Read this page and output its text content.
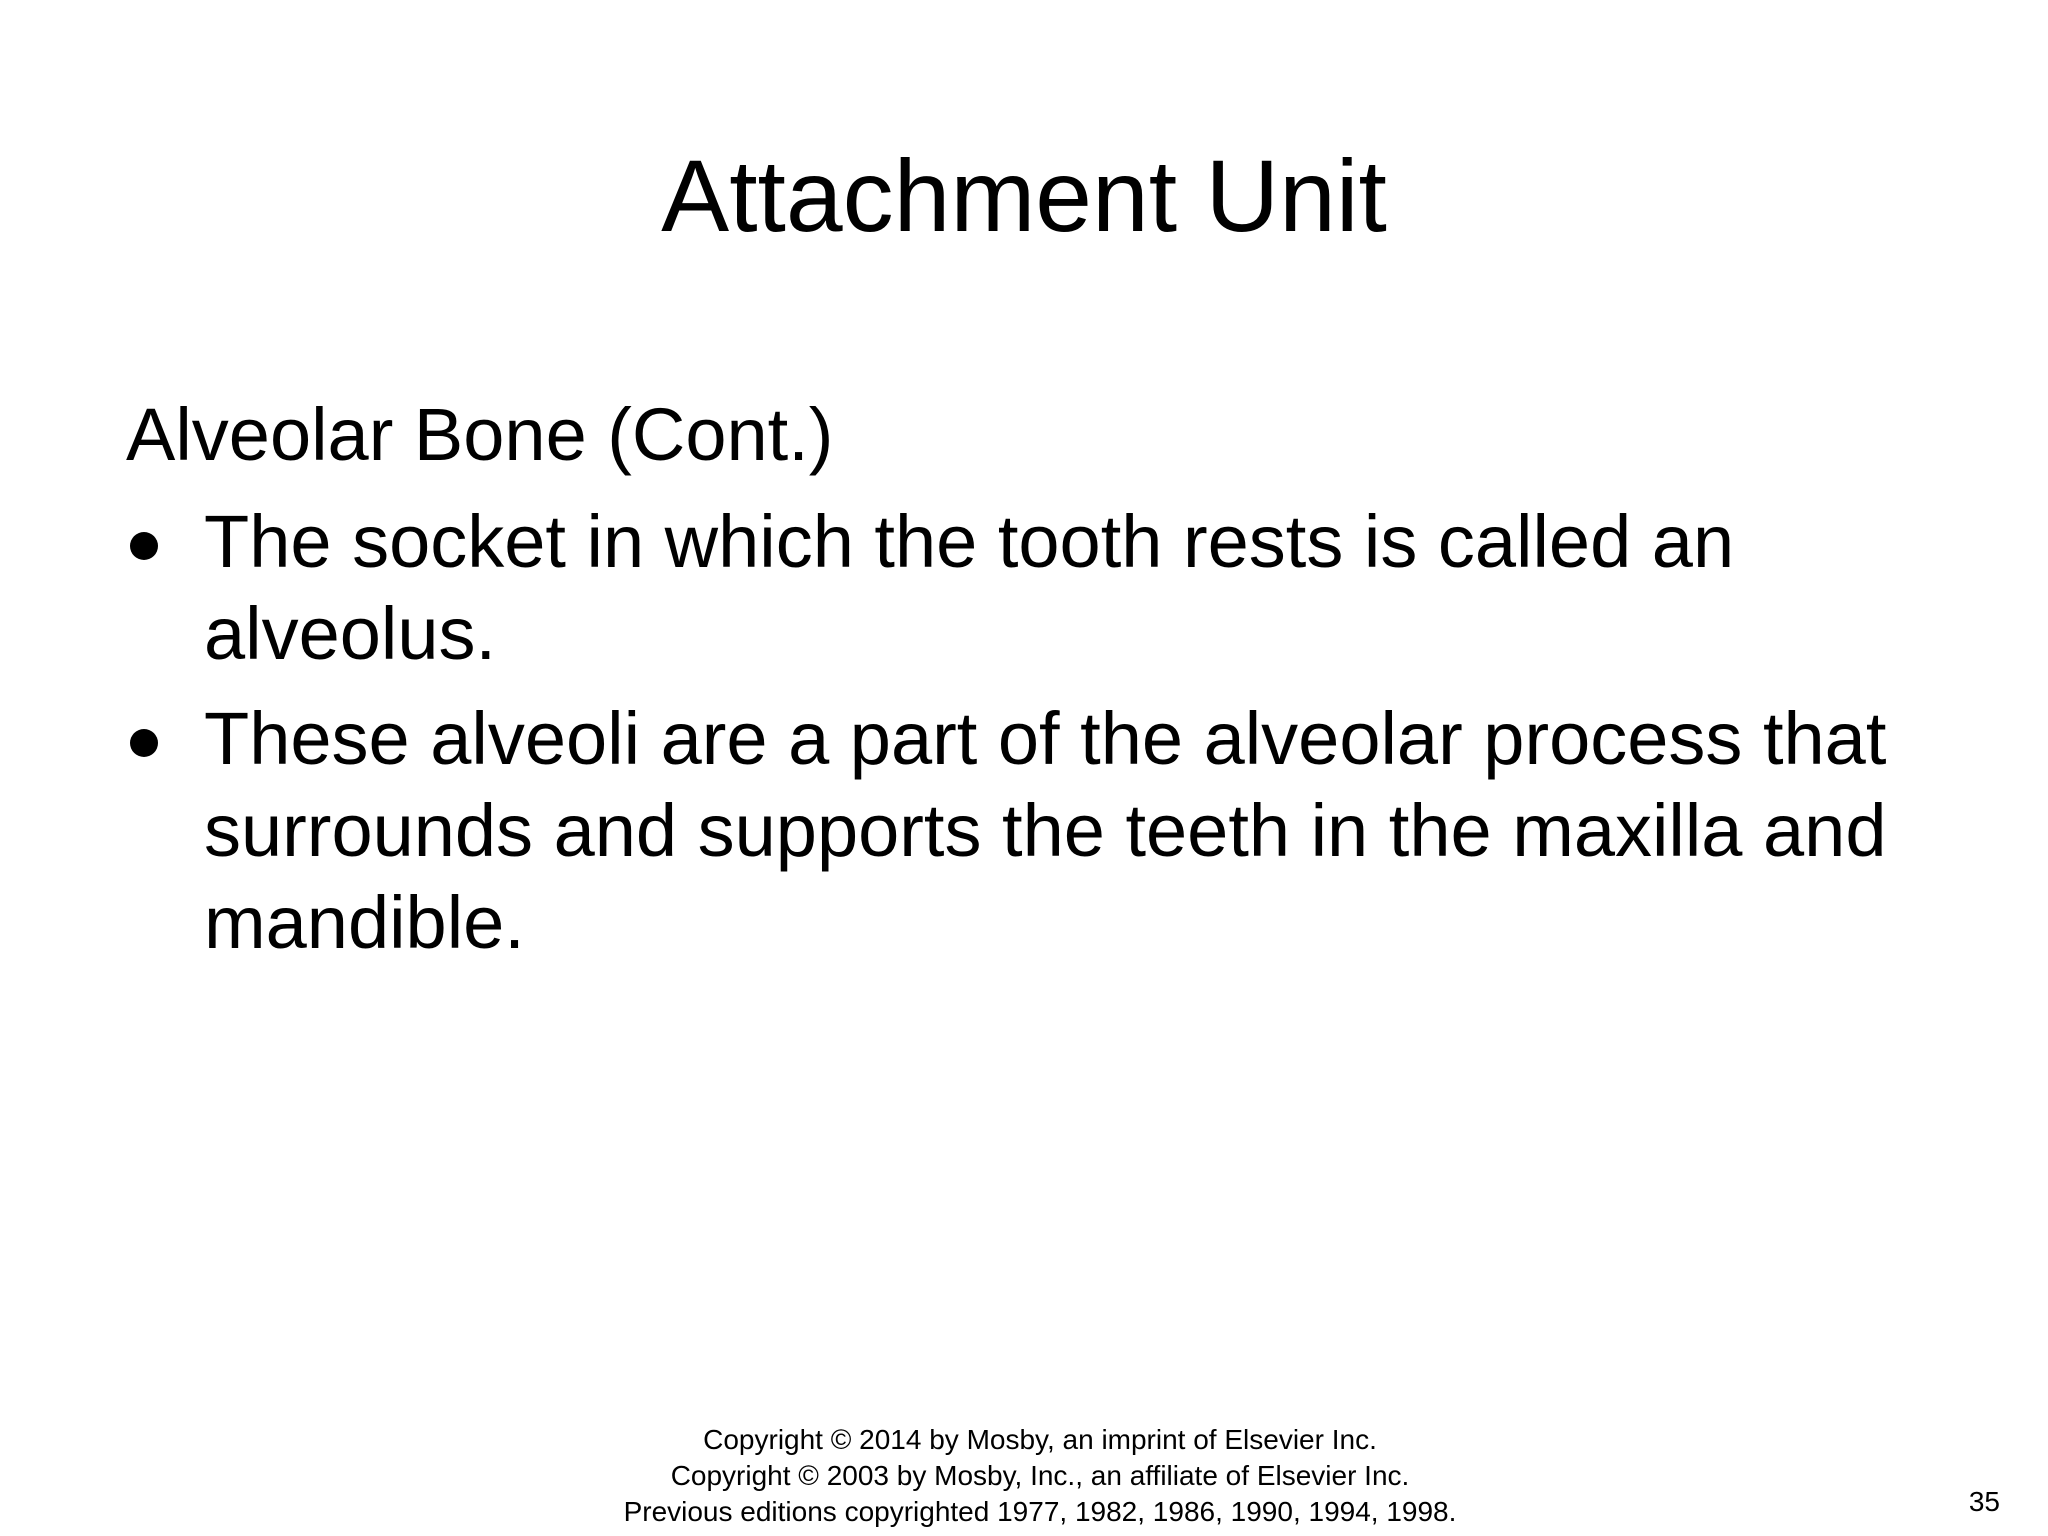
Attachment Unit

Alveolar Bone (Cont.)

The socket in which the tooth rests is called an alveolus.
These alveoli are a part of the alveolar process that surrounds and supports the teeth in the maxilla and mandible.
Copyright © 2014 by Mosby, an imprint of Elsevier Inc.
Copyright © 2003 by Mosby, Inc., an affiliate of Elsevier Inc.
Previous editions copyrighted 1977, 1982, 1986, 1990, 1994, 1998.	35
